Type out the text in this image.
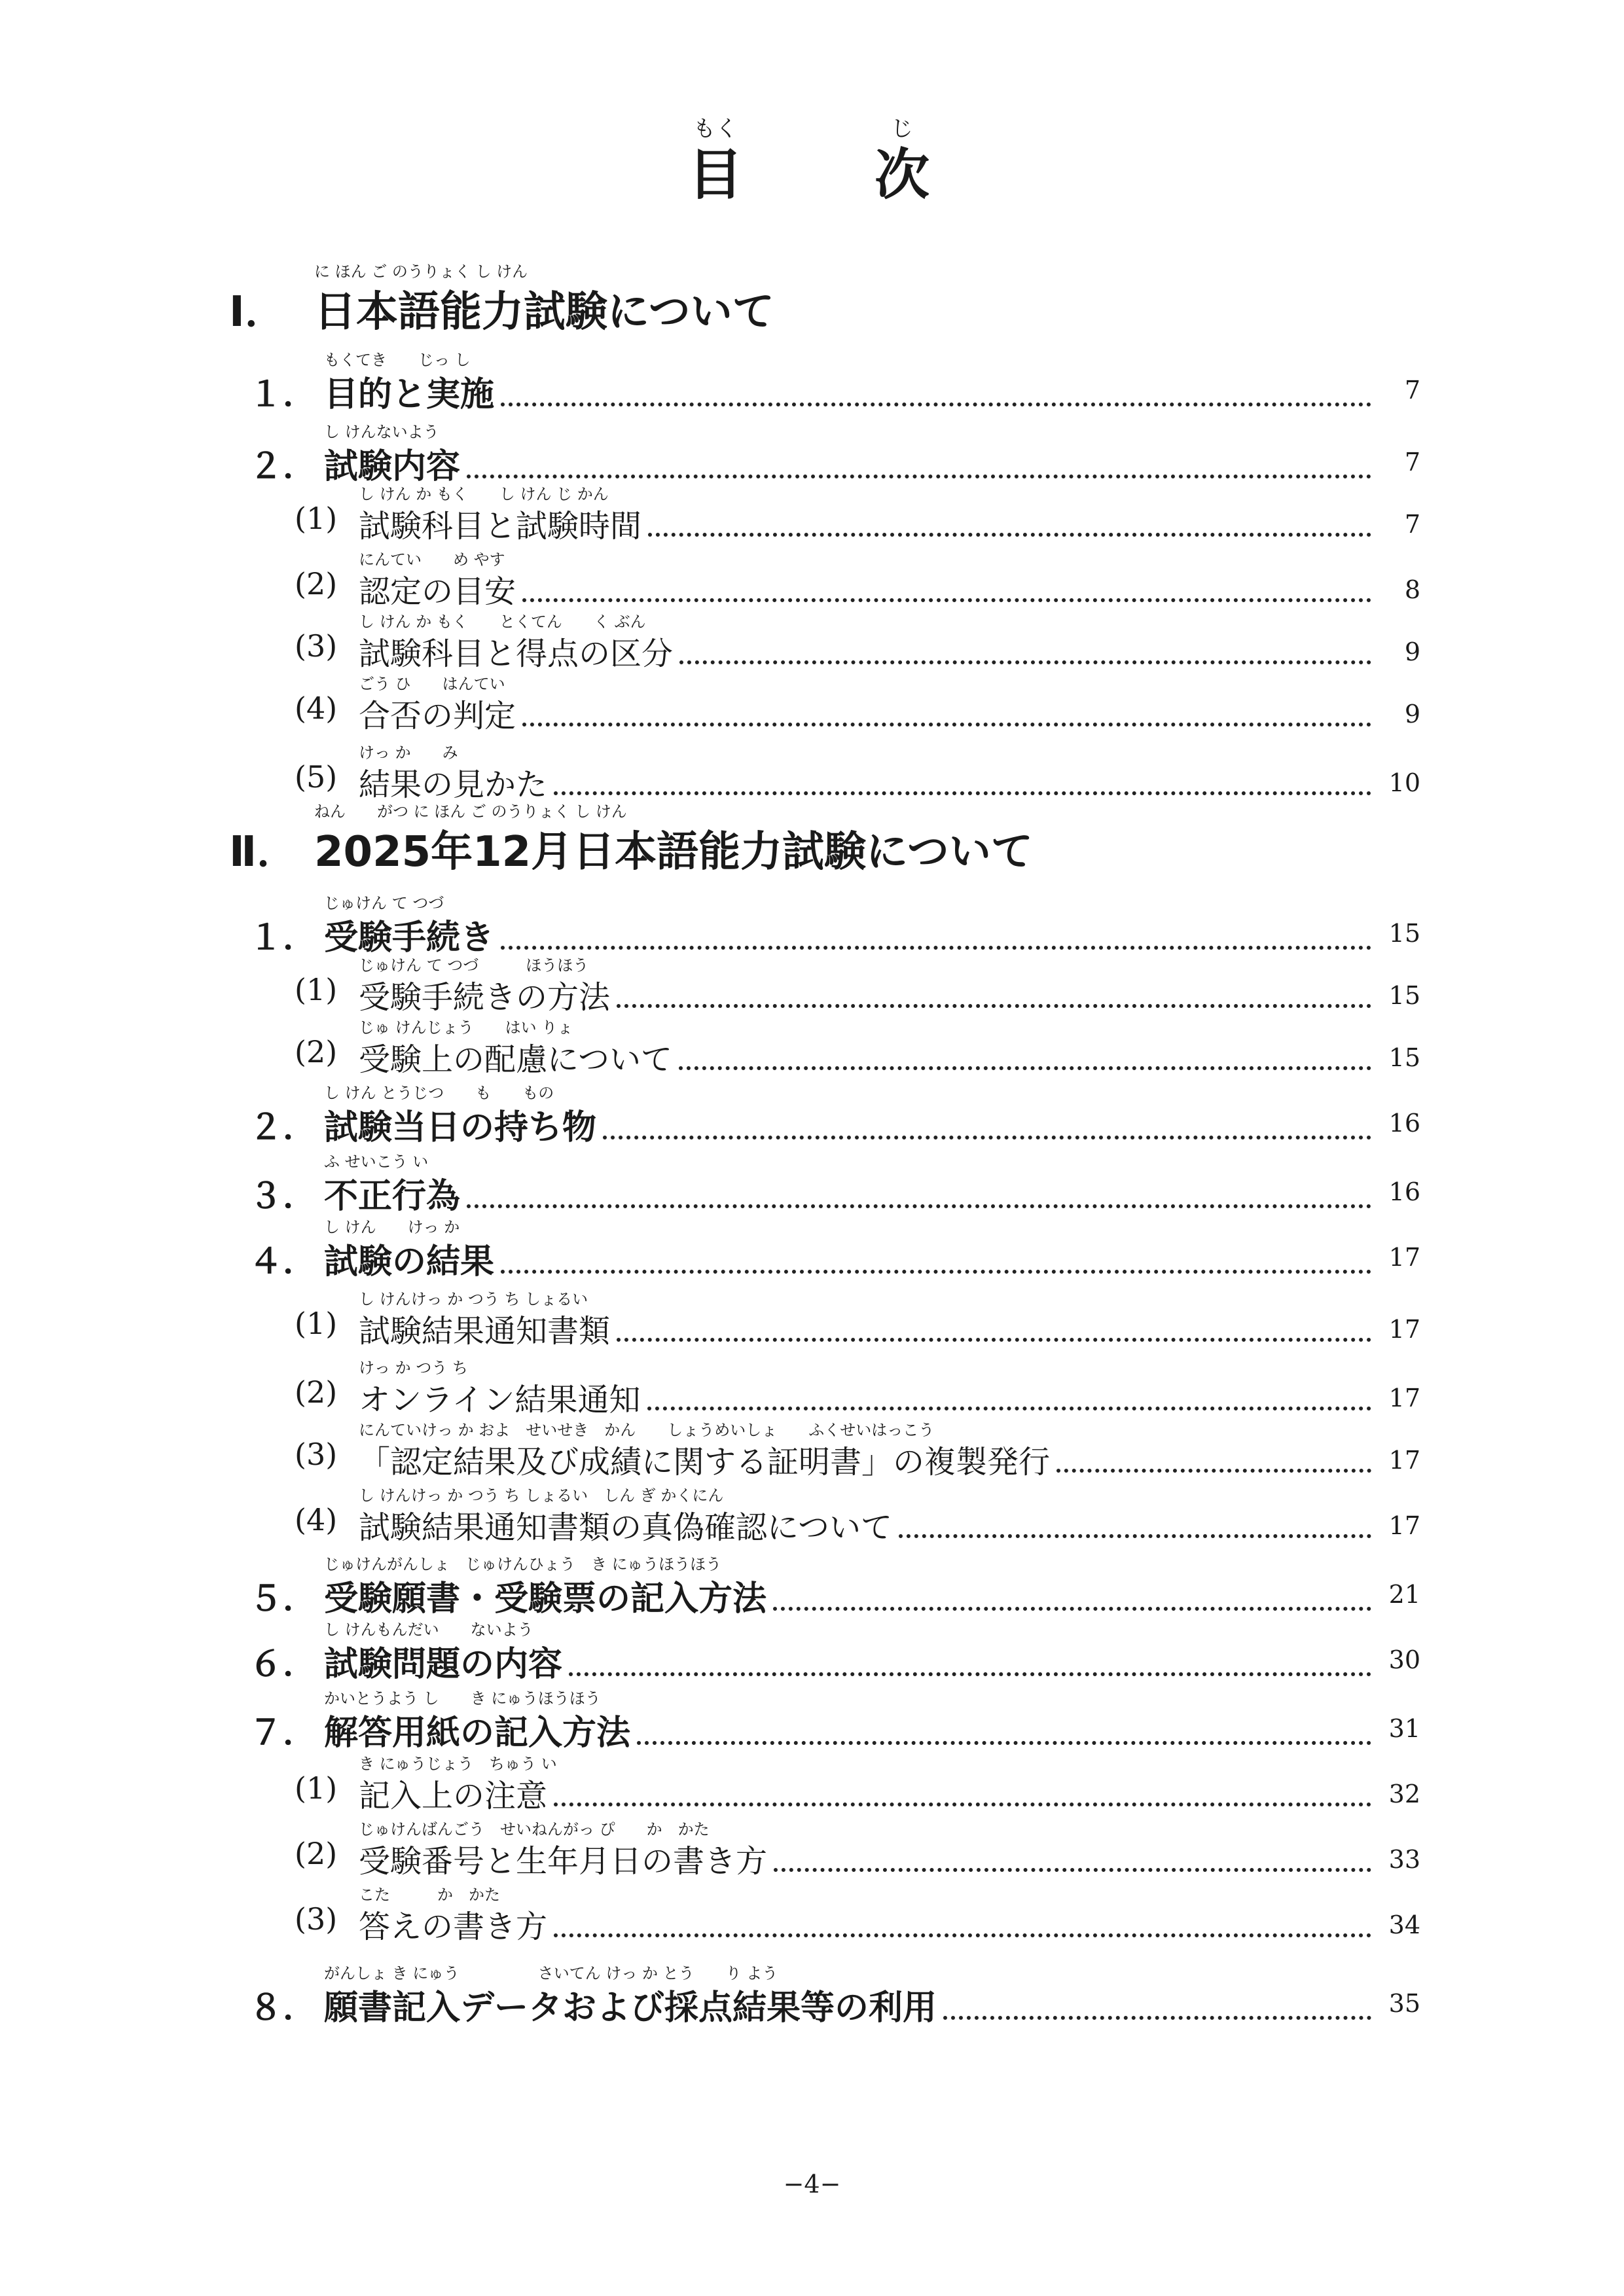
もく
目
じ
次
に ほん ご のうりょく し けん
Ⅰ． 日本語能力試験について
もくてき　　じっ し
１． 目的と実施	7
し けんないよう
２． 試験内容	7
し けん か もく　　し けん じ かん
(1) 試験科目と試験時間	7
にんてい　　め やす
(2) 認定の目安	8
し けん か もく　　とくてん　　く ぶん
(3) 試験科目と得点の区分	9
ごう ひ　　はんてい
(4) 合否の判定	9
けっ か　　み
(5) 結果の見かた	10
ねん　　がつ に ほん ご のうりょく し けん
Ⅱ． 2025年12月日本語能力試験について
じゅけん て つづ
１． 受験手続き	15
じゅけん て つづ　　　ほうほう
(1) 受験手続きの方法	15
じゅ けんじょう　　はい りょ
(2) 受験上の配慮について	15
し けん とうじつ　　も　　もの
２． 試験当日の持ち物	16
ふ せいこう い
３． 不正行為	16
し けん　　けっ か
４． 試験の結果	17
し けんけっ か つう ち しょるい
(1) 試験結果通知書類	17
けっ か つう ち
(2) オンライン結果通知	17
にんていけっ か およ　せいせき　かん　　しょうめいしょ　　ふくせいはっこう
(3) 「認定結果及び成績に関する証明書」の複製発行	17
し けんけっ か つう ち しょるい　しん ぎ かくにん
(4) 試験結果通知書類の真偽確認について	17
じゅけんがんしょ　じゅけんひょう　き にゅうほうほう
５． 受験願書・受験票の記入方法	21
し けんもんだい　　ないよう
６． 試験問題の内容	30
かいとうよう し　　き にゅうほうほう
７． 解答用紙の記入方法	31
き にゅうじょう　ちゅう い
(1) 記入上の注意	32
じゅけんばんごう　せいねんがっ ぴ　　か　かた
(2) 受験番号と生年月日の書き方	33
こた　　　か　かた
(3) 答えの書き方	34
がんしょ き にゅう　　　　　さいてん けっ か とう　　り よう
８． 願書記入データおよび採点結果等の利用	35
−4−
